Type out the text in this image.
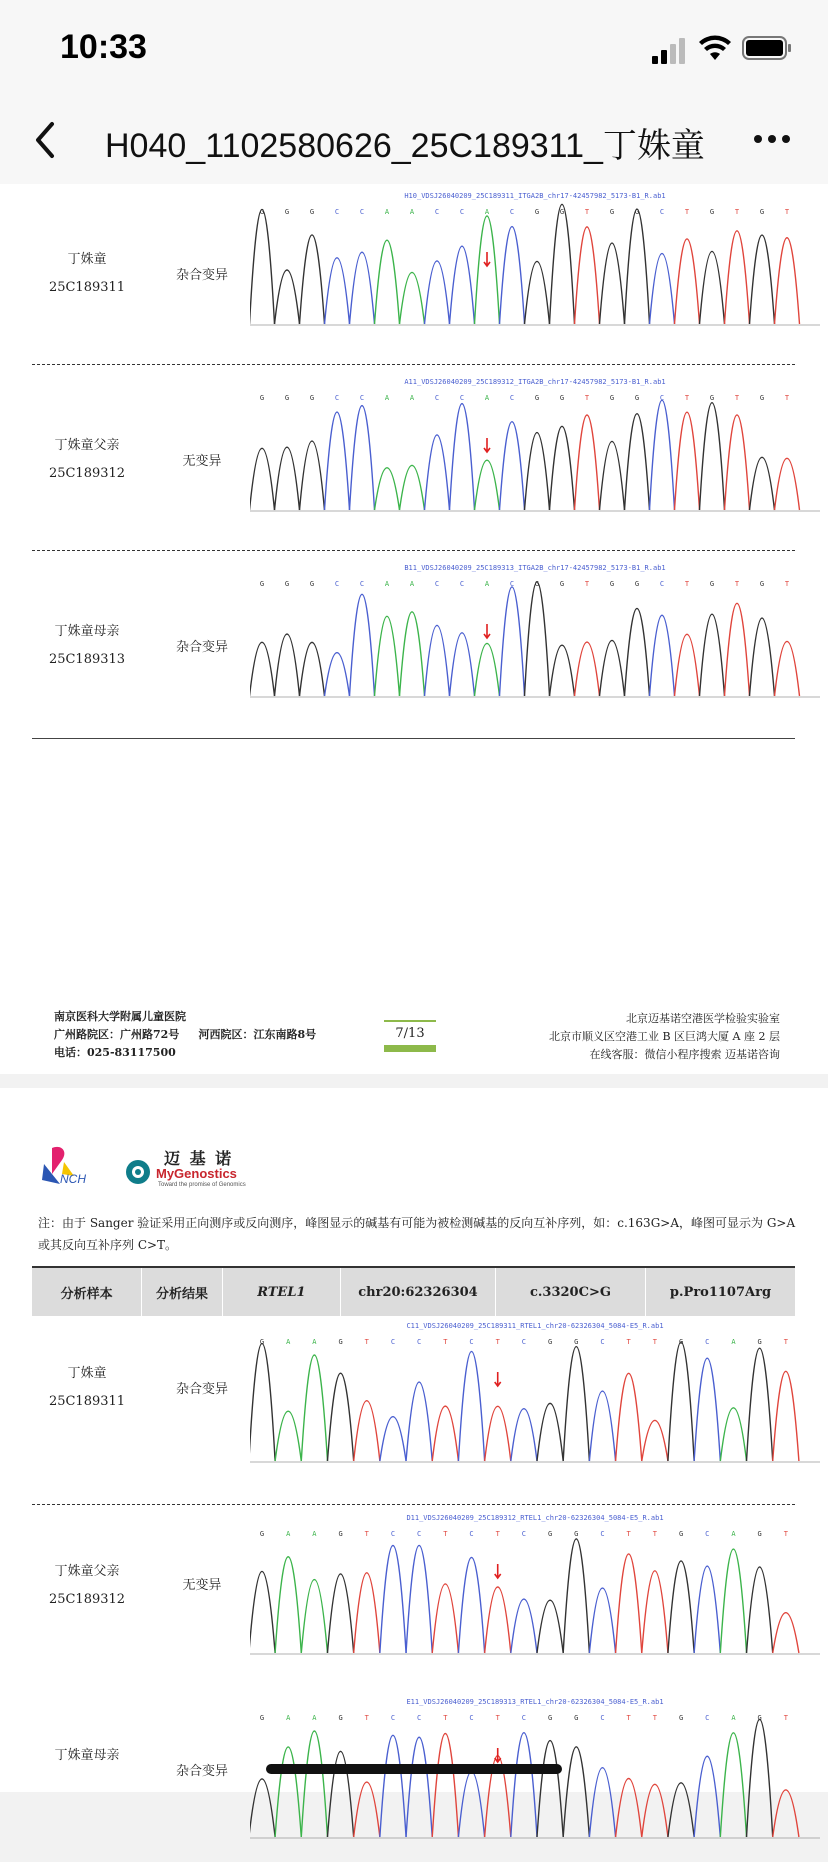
10:33
H040_1102580626_25C189311_丁姝童
丁姝童
25C189311
杂合变异
H10_VDSJ26040209_25C189311_ITGA2B_chr17-42457982_5173-B1_R.ab1
G	G	G	C	C	A	A	C	C	A	C	G	G	T	G	G	C	T	G	T	G	T
丁姝童父亲
25C189312
无变异
A11_VDSJ26040209_25C189312_ITGA2B_chr17-42457982_5173-B1_R.ab1
G	G	G	C	C	A	A	C	C	A	C	G	G	T	G	G	C	T	G	T	G	T
丁姝童母亲
25C189313
杂合变异
B11_VDSJ26040209_25C189313_ITGA2B_chr17-42457982_5173-B1_R.ab1
G	G	G	C	C	A	A	C	C	A	C	G	G	T	G	G	C	T	G	T	G	T
南京医科大学附属儿童医院
广州路院区：广州路72号     河西院区：江东南路8号
电话：025-83117500
7/13
北京迈基诺空港医学检验实验室
北京市顺义区空港工业 B 区巨鸿大厦 A 座 2 层
在线客服：微信小程序搜索 迈基诺咨询
NCH
迈 基 诺
MyGenostics
Toward the promise of Genomics
注：由于 Sanger 验证采用正向测序或反向测序，峰图显示的碱基有可能为被检测碱基的反向互补序列，如：c.163G>A，峰图可显示为 G>A
或其反向互补序列 C>T。
分析样本	分析结果	RTEL1	chr20:62326304	c.3320C>G	p.Pro1107Arg
丁姝童
25C189311
杂合变异
C11_VDSJ26040209_25C189311_RTEL1_chr20-62326304_5084-E5_R.ab1
G	A	A	G	T	C	C	T	C	T	C	G	G	C	T	T	G	C	A	G	T
丁姝童父亲
25C189312
无变异
D11_VDSJ26040209_25C189312_RTEL1_chr20-62326304_5084-E5_R.ab1
G	A	A	G	T	C	C	T	C	T	C	G	G	C	T	T	G	C	A	G	T
丁姝童母亲
杂合变异
E11_VDSJ26040209_25C189313_RTEL1_chr20-62326304_5084-E5_R.ab1
G	A	A	G	T	C	C	T	C	T	C	G	G	C	T	T	G	C	A	G	T
